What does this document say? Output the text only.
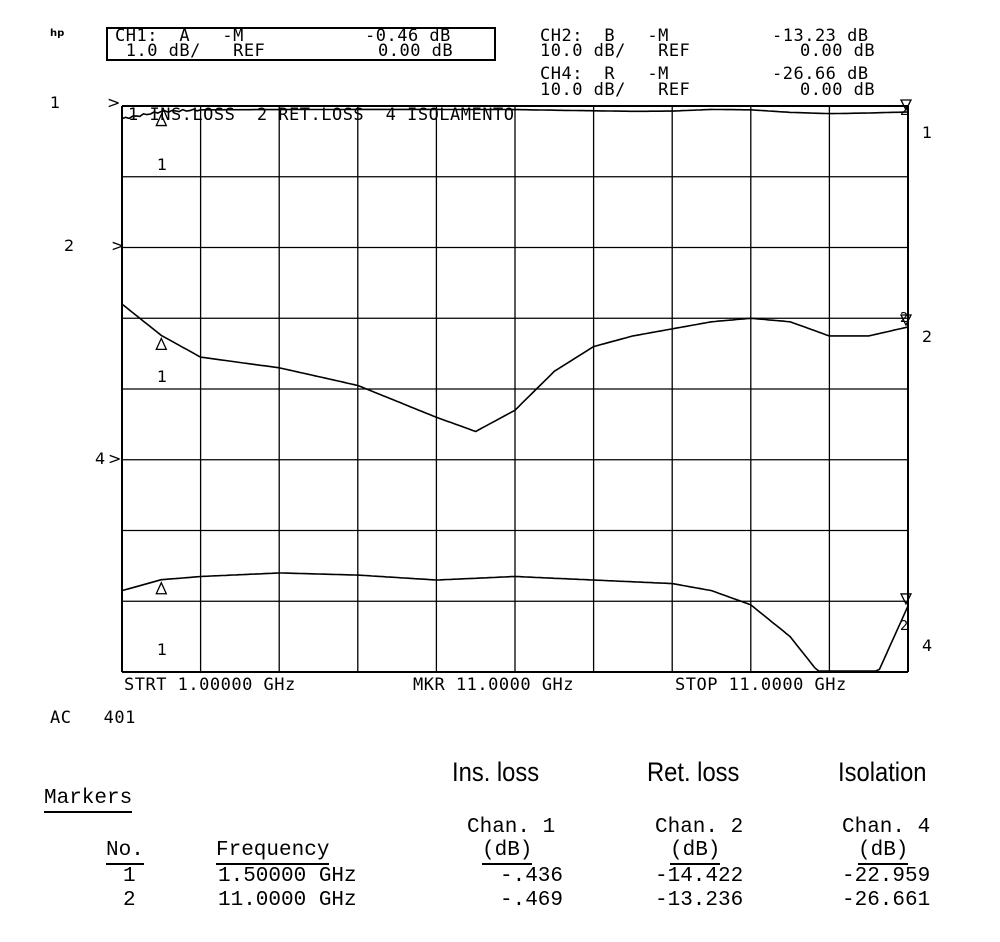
hp	CH1:  A   -M	-0.46 dB
1.0 dB/   REF	0.00 dB
CH2:  B   -M	-13.23 dB
10.0 dB/   REF	0.00 dB
CH4:  R   -M	-26.66 dB
10.0 dB/   REF	0.00 dB
1	>
2 >
4 >
1 INS.LOSS  2 RET.LOSS  4 ISOLAMENTO
1
2
4
1
1
1
2
2
2
STRT 1.00000 GHz	MKR 11.0000 GHz	STOP 11.0000 GHz
AC   401
Ins. loss	Ret. loss	Isolation
Markers
Chan. 1	Chan. 2	Chan. 4
No.	Frequency	(dB)	(dB)	(dB)
1	1.50000 GHz	-.436	-14.422	-22.959
2	11.0000 GHz	-.469	-13.236	-26.661
